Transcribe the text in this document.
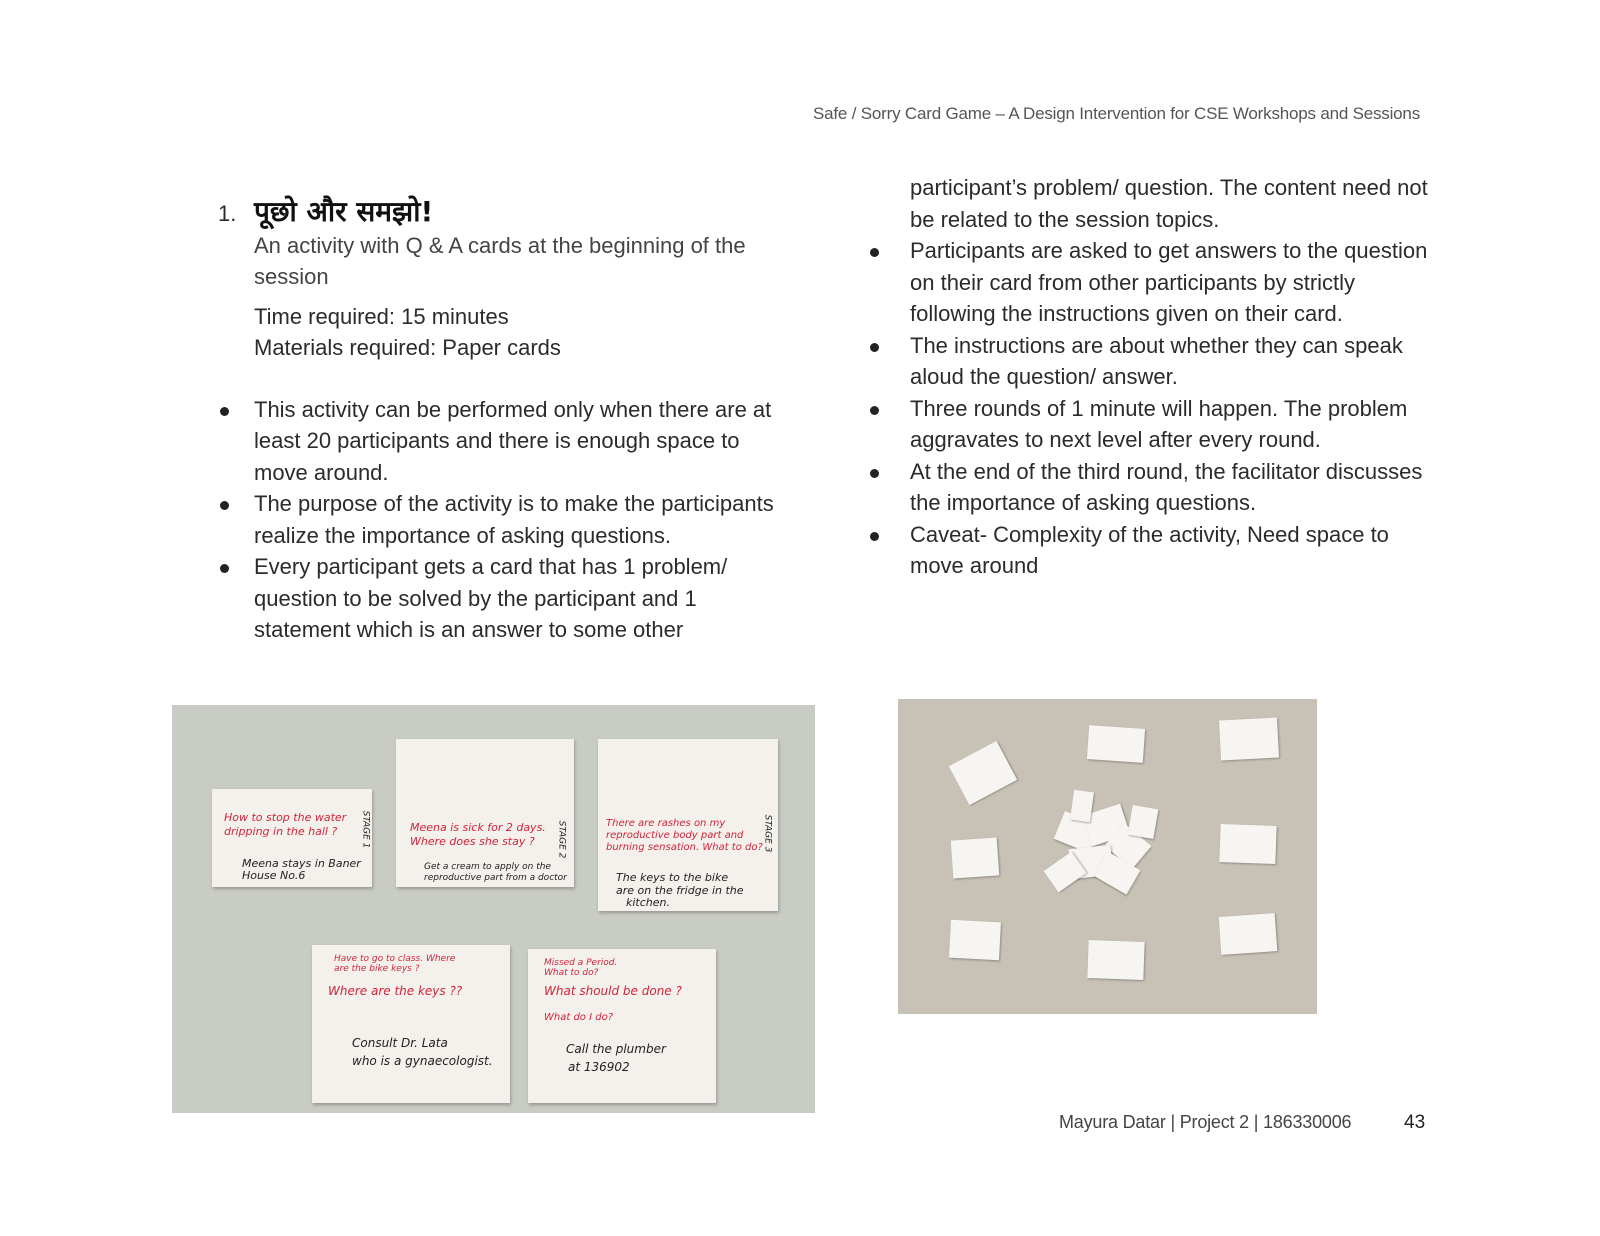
Safe / Sorry Card Game – A Design Intervention for CSE Workshops and Sessions
1. पूछो और समझो!
An activity with Q & A cards at the beginning of the session
Time required: 15 minutes
Materials required: Paper cards
This activity can be performed only when there are at least 20 participants and there is enough space to move around.
The purpose of the activity is to make the participants realize the importance of asking questions.
Every participant gets a card that has 1 problem/ question to be solved by the participant and 1 statement which is an answer to some other
participant’s problem/ question. The content need not be related to the session topics.
Participants are asked to get answers to the question on their card from other participants by strictly following the instructions given on their card.
The instructions are about whether they can speak aloud the question/ answer.
Three rounds of 1 minute will happen. The problem aggravates to next level after every round.
At the end of the third round, the facilitator discusses the importance of asking questions.
Caveat- Complexity of the activity, Need space to move around
How to stop the water
dripping in the hall ?
Meena stays in Baner
House No.6
STAGE 1	Meena is sick for 2 days.
Where does she stay ?
Get a cream to apply on the
reproductive part from a doctor
STAGE 2	There are rashes on my
reproductive body part and
burning sensation. What to do?
The keys to the bike
are on the fridge in the
kitchen.
STAGE 3
Have to go to class. Where
are the bike keys ?
Where are the keys ??
Consult Dr. Lata
who is a gynaecologist.
Missed a Period.
What to do?
What should be done ?
What do I do?
Call the plumber
at 136902
Mayura Datar | Project 2 | 186330006	43
